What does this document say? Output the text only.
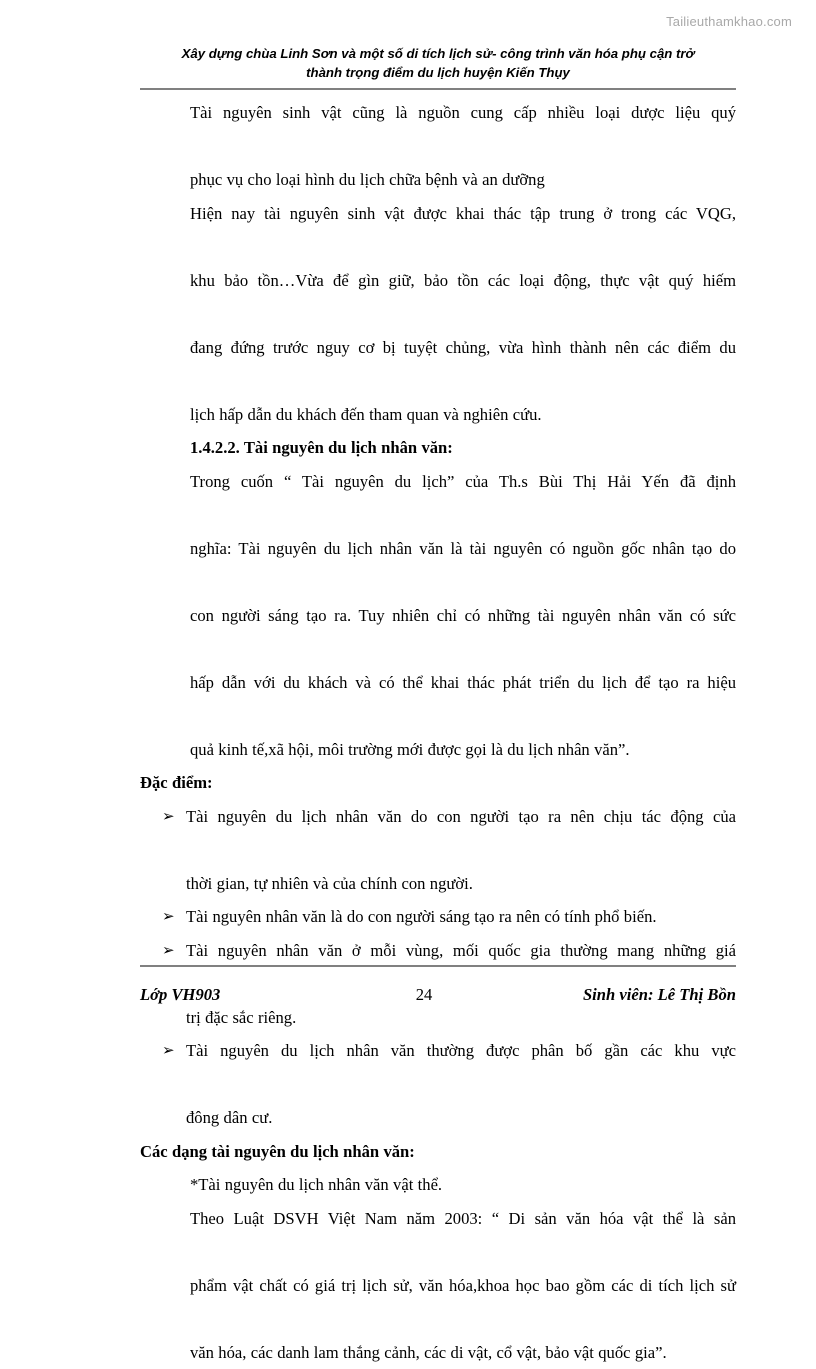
Tailieuthamkhao.com
Xây dựng chùa Linh Sơn và một số di tích lịch sử- công trình văn hóa phụ cận trở
thành trọng điểm du lịch huyện Kiến Thụy

Tài nguyên sinh vật cũng là nguồn cung cấp nhiều loại dược liệu quý
phục vụ cho loại hình du lịch chữa bệnh và an dưỡng

Hiện nay tài nguyên sinh vật được khai thác tập trung ở trong các VQG,
khu bảo tồn…Vừa để gìn giữ, bảo tồn các loại động, thực vật quý hiếm
đang đứng trước nguy cơ bị tuyệt chủng, vừa hình thành nên các điểm du
lịch hấp dẫn du khách đến tham quan và nghiên cứu.

1.4.2.2. Tài nguyên du lịch nhân văn:

Trong cuốn “ Tài nguyên du lịch” của Th.s Bùi Thị Hải Yến đã định
nghĩa: Tài nguyên du lịch nhân văn là tài nguyên có nguồn gốc nhân tạo do
con người sáng tạo ra. Tuy nhiên chỉ có những tài nguyên nhân văn có sức
hấp dẫn với du khách và có thể khai thác phát triển du lịch để tạo ra hiệu
quả kinh tế,xã hội, môi trường mới được gọi là du lịch nhân văn”.

Đặc điểm:

➢ Tài nguyên du lịch nhân văn do con người tạo ra nên chịu tác động của
thời gian, tự nhiên và của chính con người.
➢ Tài nguyên nhân văn là do con người sáng tạo ra nên có tính phổ biến.
➢ Tài nguyên nhân văn ở mỗi vùng, mối quốc gia thường mang những giá
trị đặc sắc riêng.
➢ Tài nguyên du lịch nhân văn thường được phân bố gần các khu vực
đông dân cư.

Các dạng tài nguyên du lịch nhân văn:

*Tài nguyên du lịch nhân văn vật thể.

Theo Luật DSVH Việt Nam năm 2003: “ Di sản văn hóa vật thể là sản
phẩm vật chất có giá trị lịch sử, văn hóa,khoa học bao gồm các di tích lịch sử
văn hóa, các danh lam thắng cảnh, các di vật, cổ vật, bảo vật quốc gia”.

Lớp VH903	24	Sinh viên: Lê Thị Bồn
